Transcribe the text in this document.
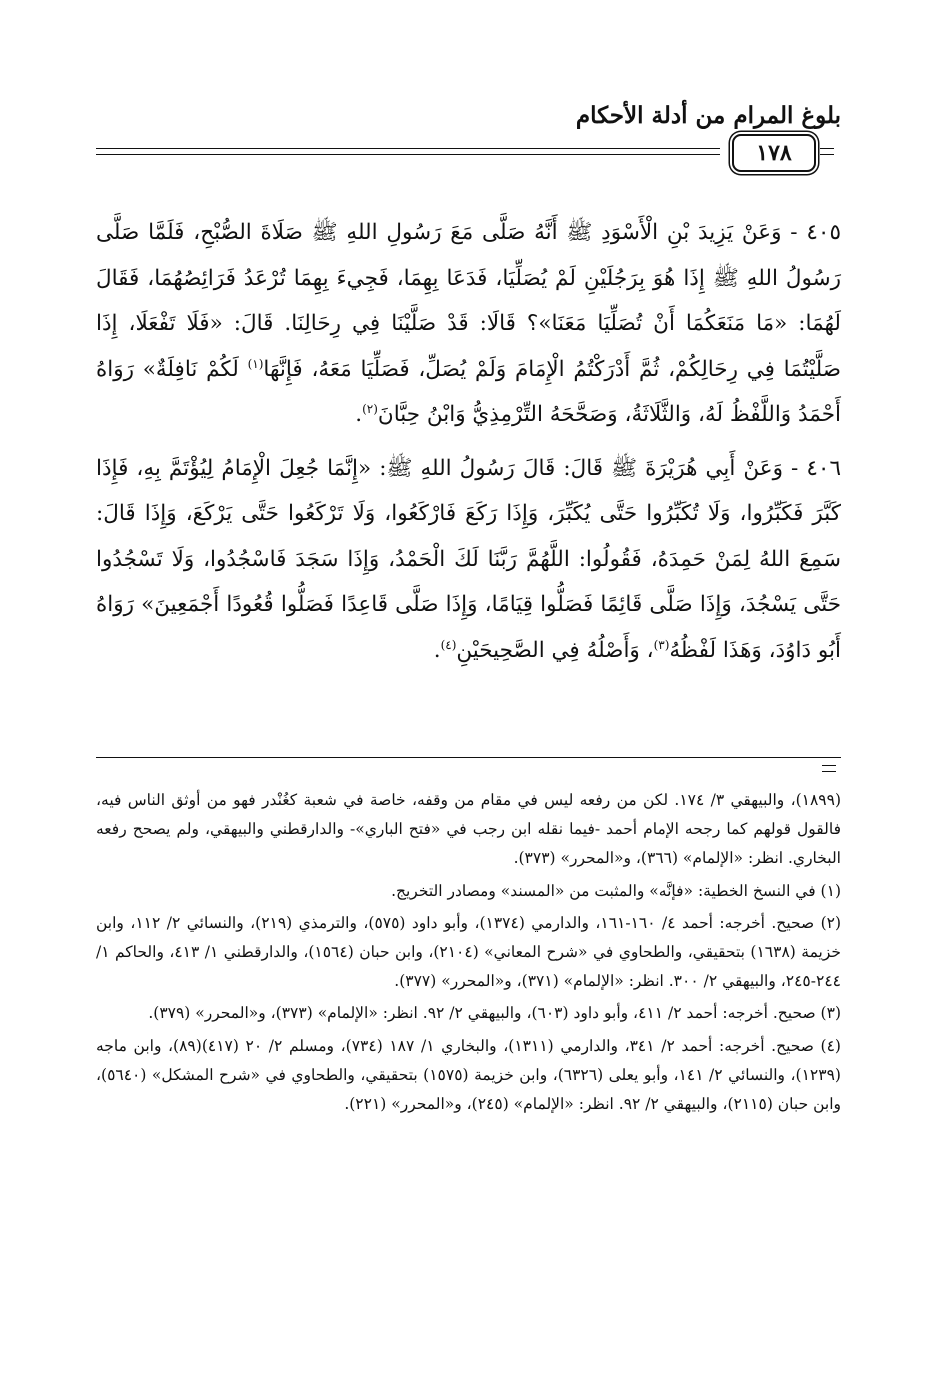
بلوغ المرام من أدلة الأحكام
١٧٨

٤٠٥ - وَعَنْ يَزِيدَ بْنِ الْأَسْوَدِ ﷺ أَنَّهُ صَلَّى مَعَ رَسُولِ اللهِ ﷺ صَلَاةَ الصُّبْحِ، فَلَمَّا صَلَّى رَسُولُ اللهِ ﷺ إِذَا هُوَ بِرَجُلَيْنِ لَمْ يُصَلِّيَا، فَدَعَا بِهِمَا، فَجِيءَ بِهِمَا تُرْعَدُ فَرَائِصُهُمَا، فَقَالَ لَهُمَا: «مَا مَنَعَكُمَا أَنْ تُصَلِّيَا مَعَنَا»؟ قَالَا: قَدْ صَلَّيْنَا فِي رِحَالِنَا. قَالَ: «فَلَا تَفْعَلَا، إِذَا صَلَّيْتُمَا فِي رِحَالِكُمْ، ثُمَّ أَدْرَكْتُمُ الْإِمَامَ وَلَمْ يُصَلِّ، فَصَلِّيَا مَعَهُ، فَإِنَّهَا$^{(١)}$ لَكُمْ نَافِلَةٌ» رَوَاهُ أَحْمَدُ وَاللَّفْظُ لَهُ، وَالثَّلَاثَةُ، وَصَحَّحَهُ التِّرْمِذِيُّ وَابْنُ حِبَّانَ$^{(٢)}$.

٤٠٦ - وَعَنْ أَبِي هُرَيْرَةَ ﷺ قَالَ: قَالَ رَسُولُ اللهِ ﷺ: «إِنَّمَا جُعِلَ الْإِمَامُ لِيُؤْتَمَّ بِهِ، فَإِذَا كَبَّرَ فَكَبِّرُوا، وَلَا تُكَبِّرُوا حَتَّى يُكَبِّرَ، وَإِذَا رَكَعَ فَارْكَعُوا، وَلَا تَرْكَعُوا حَتَّى يَرْكَعَ، وَإِذَا قَالَ: سَمِعَ اللهُ لِمَنْ حَمِدَهُ، فَقُولُوا: اللَّهُمَّ رَبَّنَا لَكَ الْحَمْدُ، وَإِذَا سَجَدَ فَاسْجُدُوا، وَلَا تَسْجُدُوا حَتَّى يَسْجُدَ، وَإِذَا صَلَّى قَائِمًا فَصَلُّوا قِيَامًا، وَإِذَا صَلَّى قَاعِدًا فَصَلُّوا قُعُودًا أَجْمَعِينَ» رَوَاهُ أَبُو دَاوُدَ، وَهَذَا لَفْظُهُ$^{(٣)}$، وَأَصْلُهُ فِي الصَّحِيحَيْنِ$^{(٤)}$.

(١٨٩٩)، والبيهقي ٣/ ١٧٤. لكن من رفعه ليس في مقام من وقفه، خاصة في شعبة كغُنْدر فهو من أوثق الناس فيه، فالقول قولهم كما رجحه الإمام أحمد -فيما نقله ابن رجب في «فتح الباري»- والدارقطني والبيهقي، ولم يصحح رفعه البخاري. انظر: «الإلمام» (٣٦٦)، و«المحرر» (٣٧٣).

(١) في النسخ الخطية: «فإنَّه» والمثبت من «المسند» ومصادر التخريج.

(٢) صحيح. أخرجه: أحمد ٤/ ١٦٠-١٦١، والدارمي (١٣٧٤)، وأبو داود (٥٧٥)، والترمذي (٢١٩)، والنسائي ٢/ ١١٢، وابن خزيمة (١٦٣٨) بتحقيقي، والطحاوي في «شرح المعاني» (٢١٠٤)، وابن حبان (١٥٦٤)، والدارقطني ١/ ٤١٣، والحاكم ١/ ٢٤٤-٢٤٥، والبيهقي ٢/ ٣٠٠. انظر: «الإلمام» (٣٧١)، و«المحرر» (٣٧٧).

(٣) صحيح. أخرجه: أحمد ٢/ ٤١١، وأبو داود (٦٠٣)، والبيهقي ٢/ ٩٢. انظر: «الإلمام» (٣٧٣)، و«المحرر» (٣٧٩).

(٤) صحيح. أخرجه: أحمد ٢/ ٣٤١، والدارمي (١٣١١)، والبخاري ١/ ١٨٧ (٧٣٤)، ومسلم ٢/ ٢٠ (٤١٧)(٨٩)، وابن ماجه (١٢٣٩)، والنسائي ٢/ ١٤١، وأبو يعلى (٦٣٢٦)، وابن خزيمة (١٥٧٥) بتحقيقي، والطحاوي في «شرح المشكل» (٥٦٤٠)، وابن حبان (٢١١٥)، والبيهقي ٢/ ٩٢. انظر: «الإلمام» (٢٤٥)، و«المحرر» (٢٢١).
